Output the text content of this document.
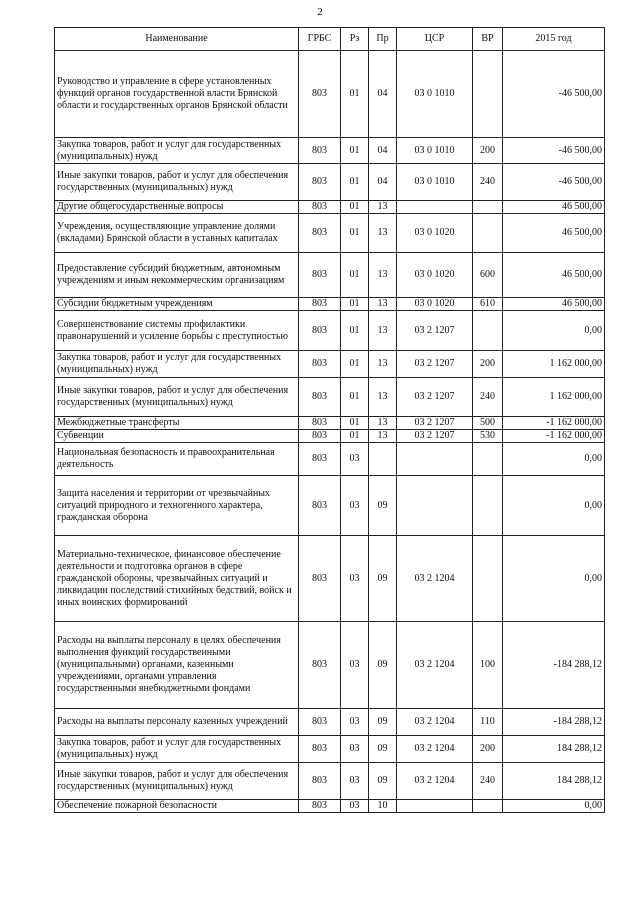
2
Наименование	ГРБС	Рз	Пр	ЦСР	ВР	2015 год
Руководство и управление в сфере установленных функций органов государственной власти Брянской области и государственных органов Брянской области	803	01	04	03 0 1010		-46 500,00
Закупка товаров, работ и услуг для государственных (муниципальных) нужд	803	01	04	03 0 1010	200	-46 500,00
Иные закупки товаров, работ и услуг для обеспечения государственных (муниципальных) нужд	803	01	04	03 0 1010	240	-46 500,00
Другие общегосударственные вопросы	803	01	13			46 500,00
Учреждения, осуществляющие управление долями (вкладами) Брянской области в уставных капиталах	803	01	13	03 0 1020		46 500,00
Предоставление субсидий бюджетным, автономным учреждениям и иным некоммерческим организациям	803	01	13	03 0 1020	600	46 500,00
Субсидии бюджетным учреждениям	803	01	13	03 0 1020	610	46 500,00
Совершенствование системы профилактики правонарушений и усиление борьбы с преступностью	803	01	13	03 2 1207		0,00
Закупка товаров, работ и услуг для государственных (муниципальных) нужд	803	01	13	03 2 1207	200	1 162 000,00
Иные закупки товаров, работ и услуг для обеспечения государственных (муниципальных) нужд	803	01	13	03 2 1207	240	1 162 000,00
Межбюджетные трансферты	803	01	13	03 2 1207	500	-1 162 000,00
Субвенции	803	01	13	03 2 1207	530	-1 162 000,00
Национальная безопасность и правоохранительная деятельность	803	03				0,00
Защита населения и территории от чрезвычайных ситуаций природного и техногенного характера, гражданская оборона	803	03	09			0,00
Материально-техническое, финансовое обеспечение деятельности и подготовка органов в сфере гражданской обороны, чрезвычайных ситуаций и ликвидации последствий стихийных бедствий, войск и иных воинских формирований	803	03	09	03 2 1204		0,00
Расходы на выплаты персоналу в целях обеспечения выполнения функций государственными (муниципальными) органами, казенными учреждениями, органами управления государственными внебюджетными фондами	803	03	09	03 2 1204	100	-184 288,12
Расходы на выплаты персоналу казенных учреждений	803	03	09	03 2 1204	110	-184 288,12
Закупка товаров, работ и услуг для государственных (муниципальных) нужд	803	03	09	03 2 1204	200	184 288,12
Иные закупки товаров, работ и услуг для обеспечения государственных (муниципальных) нужд	803	03	09	03 2 1204	240	184 288,12
Обеспечение пожарной безопасности	803	03	10			0,00
